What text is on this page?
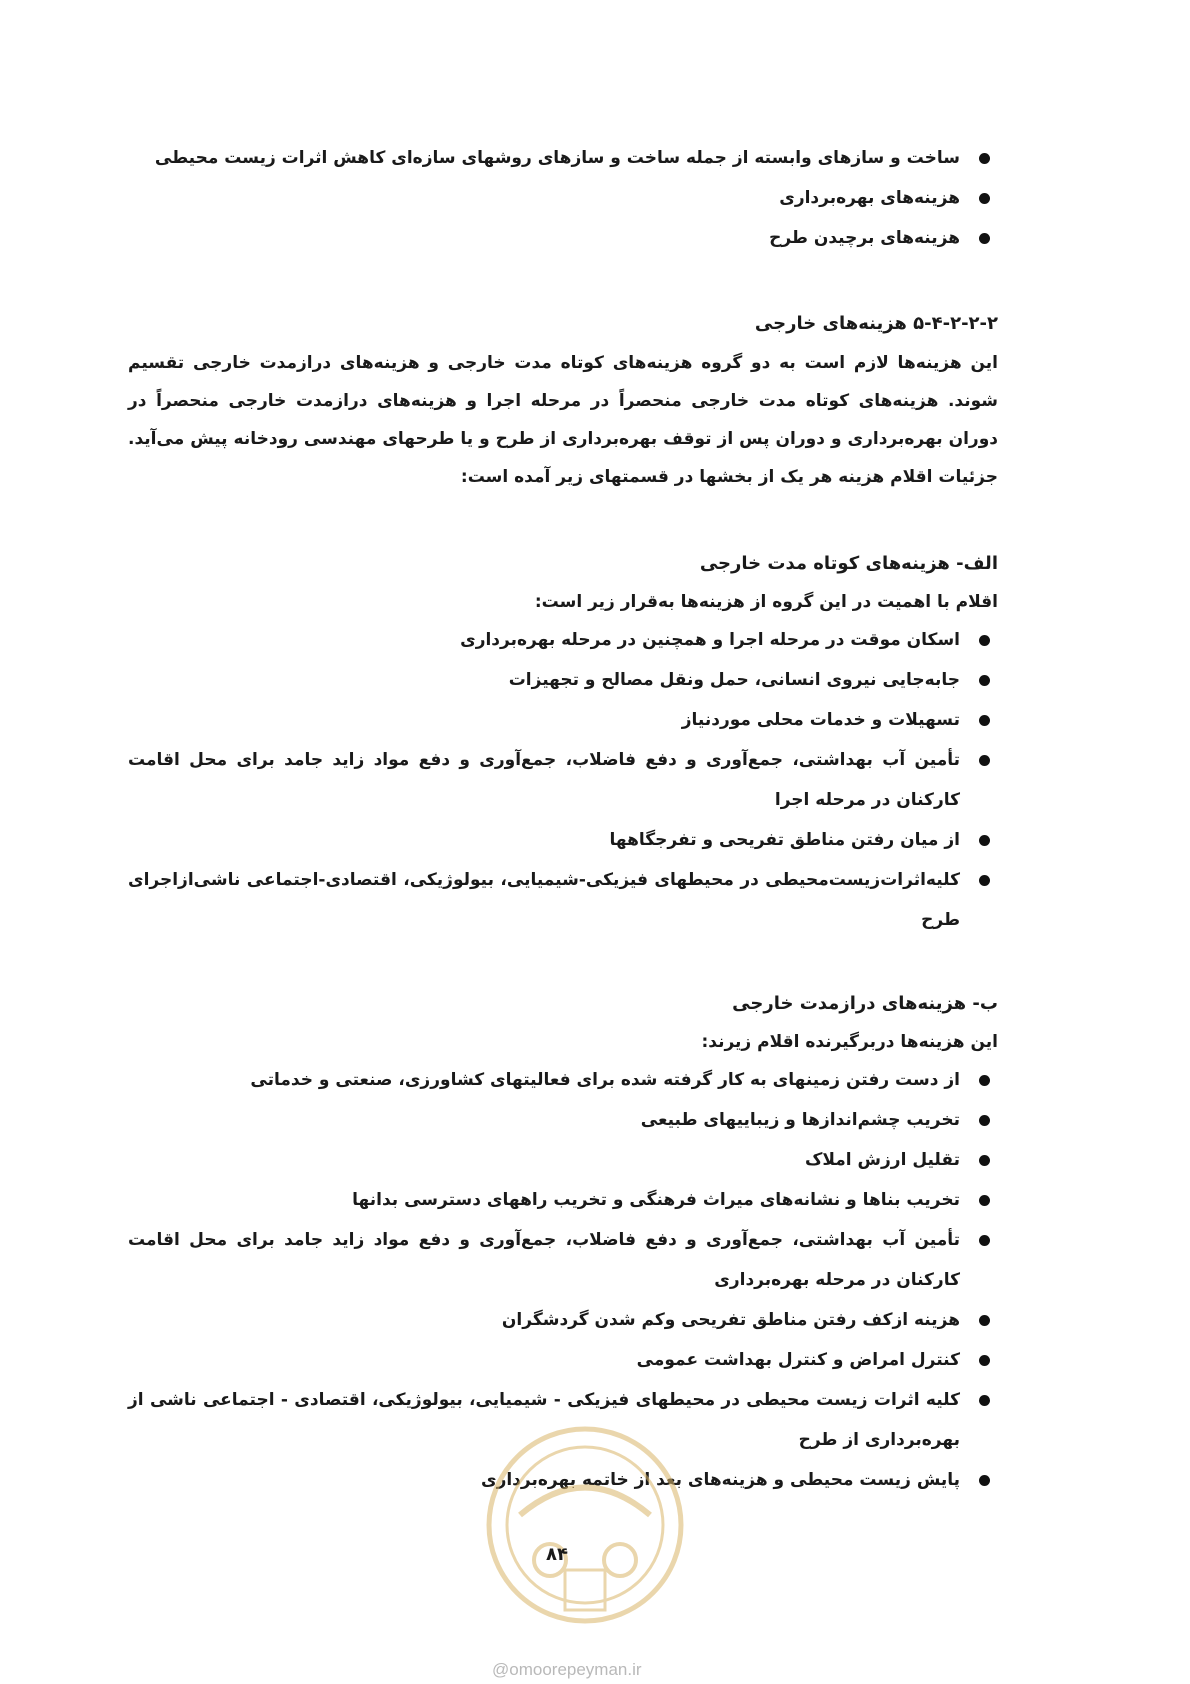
ساخت و سازهای وابسته از جمله ساخت و سازهای روشهای سازه‌ای کاهش اثرات زیست محیطی
هزینه‌های بهره‌برداری
هزینه‌های برچیدن طرح
۵-۴-۲-۲-۲ هزینه‌های خارجی
این هزینه‌ها لازم است به دو گروه هزینه‌های کوتاه مدت خارجی و هزینه‌های درازمدت خارجی تقسیم شوند. هزینه‌های کوتاه مدت خارجی منحصراً در مرحله اجرا و هزینه‌های درازمدت خارجی منحصراً در دوران بهره‌برداری و دوران پس از توقف بهره‌برداری از طرح و یا طرحهای مهندسی رودخانه پیش می‌آید. جزئیات اقلام هزینه هر یک از بخشها در قسمتهای زیر آمده است:
الف- هزینه‌های کوتاه مدت خارجی
اقلام با اهمیت در این گروه از هزینه‌ها به‌قرار زیر است:
اسکان موقت در مرحله اجرا و همچنین در مرحله بهره‌برداری
جابه‌جایی نیروی انسانی، حمل ونقل مصالح و تجهیزات
تسهیلات و خدمات محلی موردنیاز
تأمین آب بهداشتی، جمع‌آوری و دفع فاضلاب، جمع‌آوری و دفع مواد زاید جامد برای محل اقامت کارکنان در مرحله اجرا
از میان رفتن مناطق تفریحی و تفرجگاهها
کلیه‌اثرات‌زیست‌محیطی در محیطهای فیزیکی-شیمیایی، بیولوژیکی، اقتصادی-اجتماعی ناشی‌ازاجرای طرح
ب- هزینه‌های درازمدت خارجی
این هزینه‌ها دربرگیرنده اقلام زیرند:
از دست رفتن زمینهای به کار گرفته شده برای فعالیتهای کشاورزی، صنعتی و خدماتی
تخریب چشم‌اندازها و زیباییهای طبیعی
تقلیل ارزش املاک
تخریب بناها و نشانه‌های میراث فرهنگی و تخریب راههای دسترسی بدانها
تأمین آب بهداشتی، جمع‌آوری و دفع فاضلاب، جمع‌آوری و دفع مواد زاید جامد برای محل اقامت کارکنان در مرحله بهره‌برداری
هزینه ازکف رفتن مناطق تفریحی وکم شدن گردشگران
کنترل امراض و کنترل بهداشت عمومی
کلیه اثرات زیست محیطی در محیطهای فیزیکی - شیمیایی، بیولوژیکی، اقتصادی - اجتماعی ناشی از بهره‌برداری از طرح
پایش زیست محیطی و هزینه‌های بعد از خاتمه بهره‌برداری
۸۴
@omoorepeyman.ir
